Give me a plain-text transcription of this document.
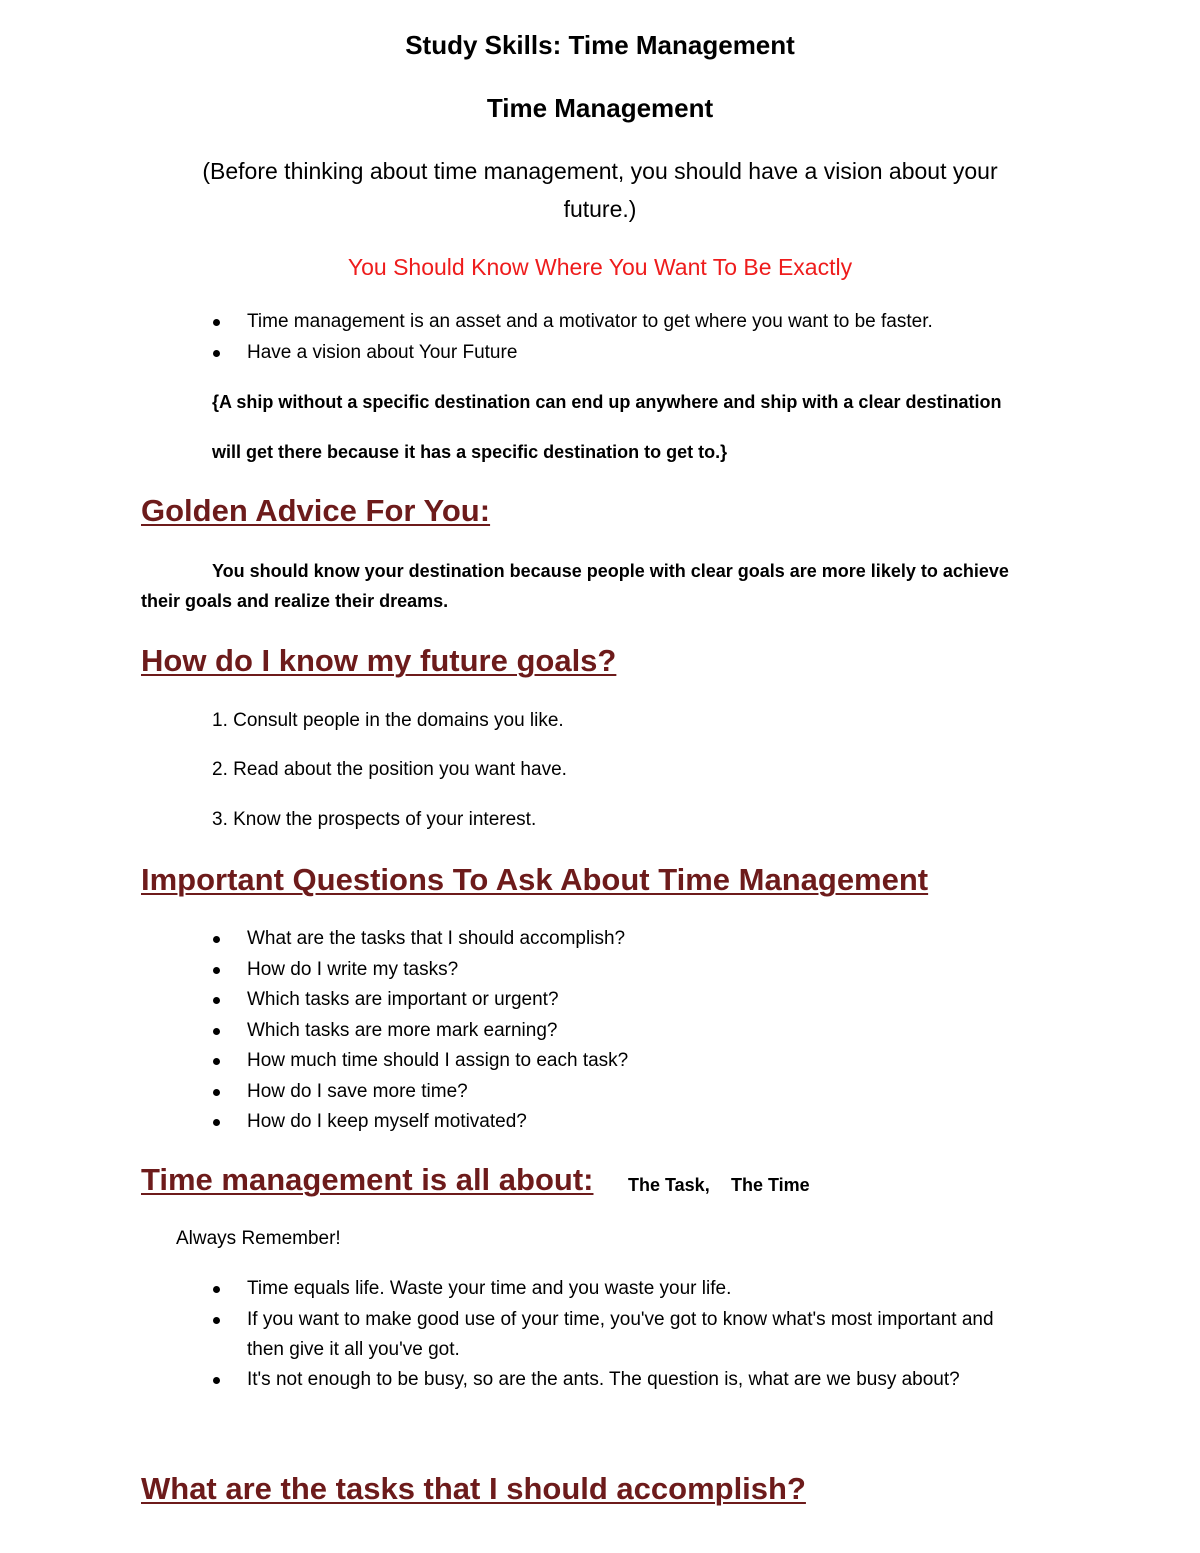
Study Skills: Time Management
Time Management
(Before thinking about time management, you should have a vision about your
future.)
You Should Know Where You Want To Be Exactly
Time management is an asset and a motivator to get where you want to be faster.
Have a vision about Your Future
{A ship without a specific destination can end up anywhere and ship with a clear destination
will get there because it has a specific destination to get to.}
Golden Advice For You:
You should know your destination because people with clear goals are more likely to achieve
their goals and realize their dreams.
How do I know my future goals?
1. Consult people in the domains you like.
2. Read about the position you want have.
3. Know the prospects of your interest.
Important Questions To Ask About Time Management
What are the tasks that I should accomplish?
How do I write my tasks?
Which tasks are important or urgent?
Which tasks are more mark earning?
How much time should I assign to each task?
How do I save more time?
How do I keep myself motivated?
Time management is all about: The Task, The Time
Always Remember!
Time equals life. Waste your time and you waste your life.
If you want to make good use of your time, you've got to know what's most important and
then give it all you've got.
It's not enough to be busy, so are the ants. The question is, what are we busy about?
What are the tasks that I should accomplish?
